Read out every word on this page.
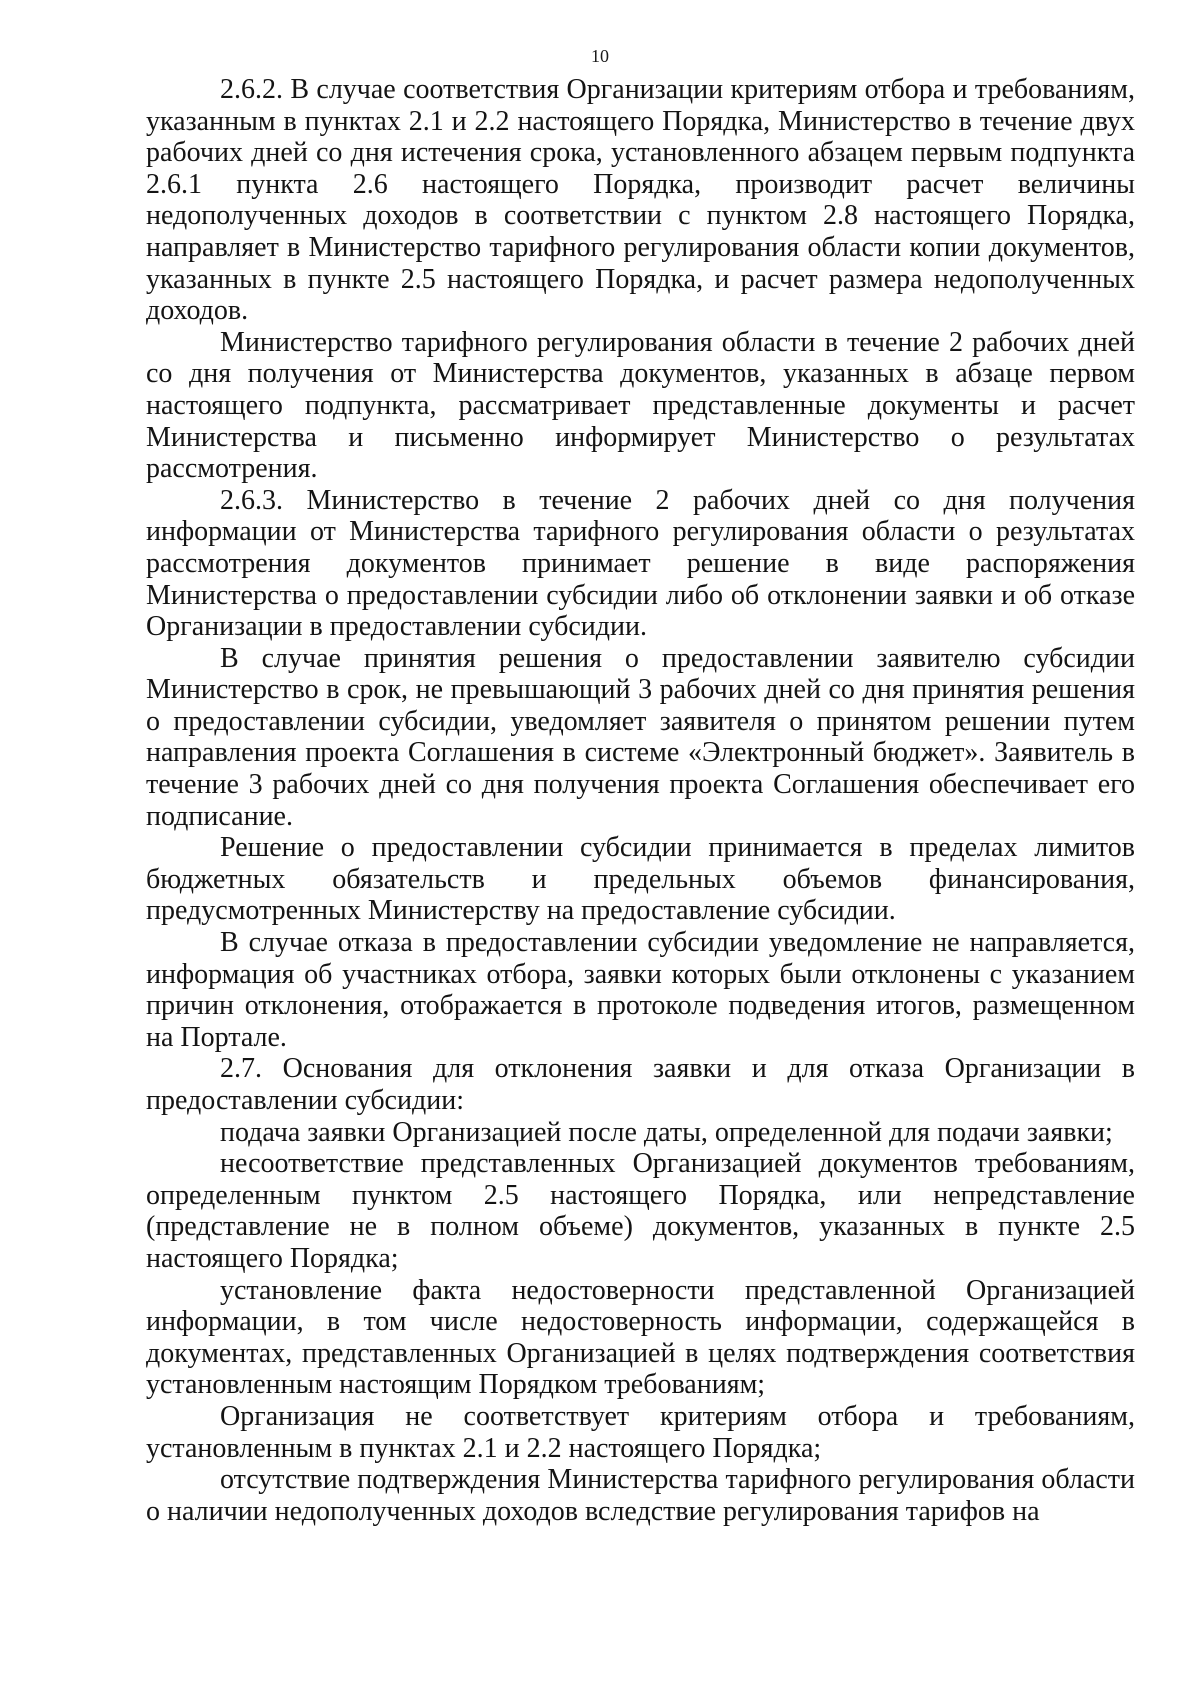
10

2.6.2. В случае соответствия Организации критериям отбора и требованиям, указанным в пунктах 2.1 и 2.2 настоящего Порядка, Министерство в течение двух рабочих дней со дня истечения срока, установленного абзацем первым подпункта 2.6.1 пункта 2.6 настоящего Порядка, производит расчет величины недополученных доходов в соответствии с пунктом 2.8 настоящего Порядка, направляет в Министерство тарифного регулирования области копии документов, указанных в пункте 2.5 настоящего Порядка, и расчет размера недополученных доходов.

Министерство тарифного регулирования области в течение 2 рабочих дней со дня получения от Министерства документов, указанных в абзаце первом настоящего подпункта, рассматривает представленные документы и расчет Министерства и письменно информирует Министерство о результатах рассмотрения.

2.6.3. Министерство в течение 2 рабочих дней со дня получения информации от Министерства тарифного регулирования области о результатах рассмотрения документов принимает решение в виде распоряжения Министерства о предоставлении субсидии либо об отклонении заявки и об отказе Организации в предоставлении субсидии.

В случае принятия решения о предоставлении заявителю субсидии Министерство в срок, не превышающий 3 рабочих дней со дня принятия решения о предоставлении субсидии, уведомляет заявителя о принятом решении путем направления проекта Соглашения в системе «Электронный бюджет». Заявитель в течение 3 рабочих дней со дня получения проекта Соглашения обеспечивает его подписание.

Решение о предоставлении субсидии принимается в пределах лимитов бюджетных обязательств и предельных объемов финансирования, предусмотренных Министерству на предоставление субсидии.

В случае отказа в предоставлении субсидии уведомление не направляется, информация об участниках отбора, заявки которых были отклонены с указанием причин отклонения, отображается в протоколе подведения итогов, размещенном на Портале.

2.7. Основания для отклонения заявки и для отказа Организации в предоставлении субсидии:

подача заявки Организацией после даты, определенной для подачи заявки;

несоответствие представленных Организацией документов требованиям, определенным пунктом 2.5 настоящего Порядка, или непредставление (представление не в полном объеме) документов, указанных в пункте 2.5 настоящего Порядка;

установление факта недостоверности представленной Организацией информации, в том числе недостоверность информации, содержащейся в документах, представленных Организацией в целях подтверждения соответствия установленным настоящим Порядком требованиям;

Организация не соответствует критериям отбора и требованиям, установленным в пунктах 2.1 и 2.2 настоящего Порядка;

отсутствие подтверждения Министерства тарифного регулирования области о наличии недополученных доходов вследствие регулирования тарифов на
